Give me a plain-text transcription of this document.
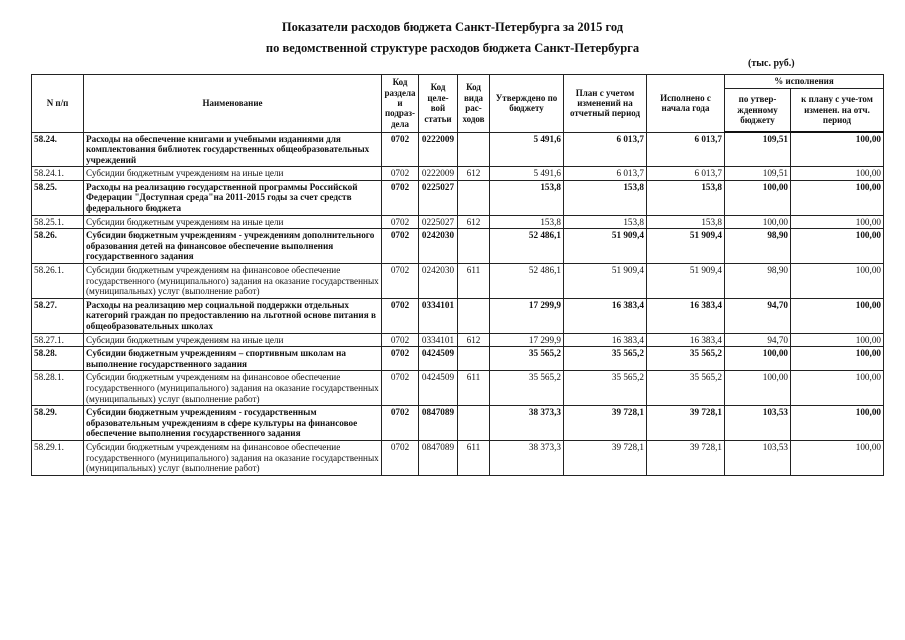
Показатели расходов бюджета Санкт-Петербурга за 2015 год
по ведомственной структуре расходов бюджета Санкт-Петербурга
(тыс. руб.)
N п/п	Наименование	Код раздела и подраз-дела	Код целе-вой статьи	Код вида рас-ходов	Утверждено по бюджету	План с учетом изменений на отчетный период	Исполнено с начала года	% исполнения	
								по утвер-жденному бюджету	к плану с уче-том изменен. на отч. период
58.24.	Расходы на обеспечение книгами и учебными изданиями для комплектования библиотек государственных общеобразовательных учреждений	0702	0222009		5 491,6	6 013,7	6 013,7	109,51	100,00
58.24.1.	Субсидии бюджетным учреждениям на иные цели	0702	0222009	612	5 491,6	6 013,7	6 013,7	109,51	100,00
58.25.	Расходы на реализацию государственной программы Российской Федерации "Доступная среда"на 2011-2015 годы за счет средств федерального бюджета	0702	0225027		153,8	153,8	153,8	100,00	100,00
58.25.1.	Субсидии бюджетным учреждениям на иные цели	0702	0225027	612	153,8	153,8	153,8	100,00	100,00
58.26.	Субсидии бюджетным учреждениям - учреждениям дополнительного образования детей на финансовое обеспечение выполнения государственного задания	0702	0242030		52 486,1	51 909,4	51 909,4	98,90	100,00
58.26.1.	Субсидии бюджетным учреждениям на финансовое обеспечение государственного (муниципального) задания на оказание государственных (муниципальных) услуг (выполнение работ)	0702	0242030	611	52 486,1	51 909,4	51 909,4	98,90	100,00
58.27.	Расходы на реализацию мер социальной поддержки отдельных категорий граждан по предоставлению на льготной основе питания в общеобразовательных школах	0702	0334101		17 299,9	16 383,4	16 383,4	94,70	100,00
58.27.1.	Субсидии бюджетным учреждениям на иные цели	0702	0334101	612	17 299,9	16 383,4	16 383,4	94,70	100,00
58.28.	Субсидии бюджетным учреждениям – спортивным школам на выполнение государственного задания	0702	0424509		35 565,2	35 565,2	35 565,2	100,00	100,00
58.28.1.	Субсидии бюджетным учреждениям на финансовое обеспечение государственного (муниципального) задания на оказание государственных (муниципальных) услуг (выполнение работ)	0702	0424509	611	35 565,2	35 565,2	35 565,2	100,00	100,00
58.29.	Субсидии бюджетным учреждениям - государственным образовательным учреждениям в сфере культуры на финансовое обеспечение выполнения государственного задания	0702	0847089		38 373,3	39 728,1	39 728,1	103,53	100,00
58.29.1.	Субсидии бюджетным учреждениям на финансовое обеспечение государственного (муниципального) задания на оказание государственных (муниципальных) услуг (выполнение работ)	0702	0847089	611	38 373,3	39 728,1	39 728,1	103,53	100,00
